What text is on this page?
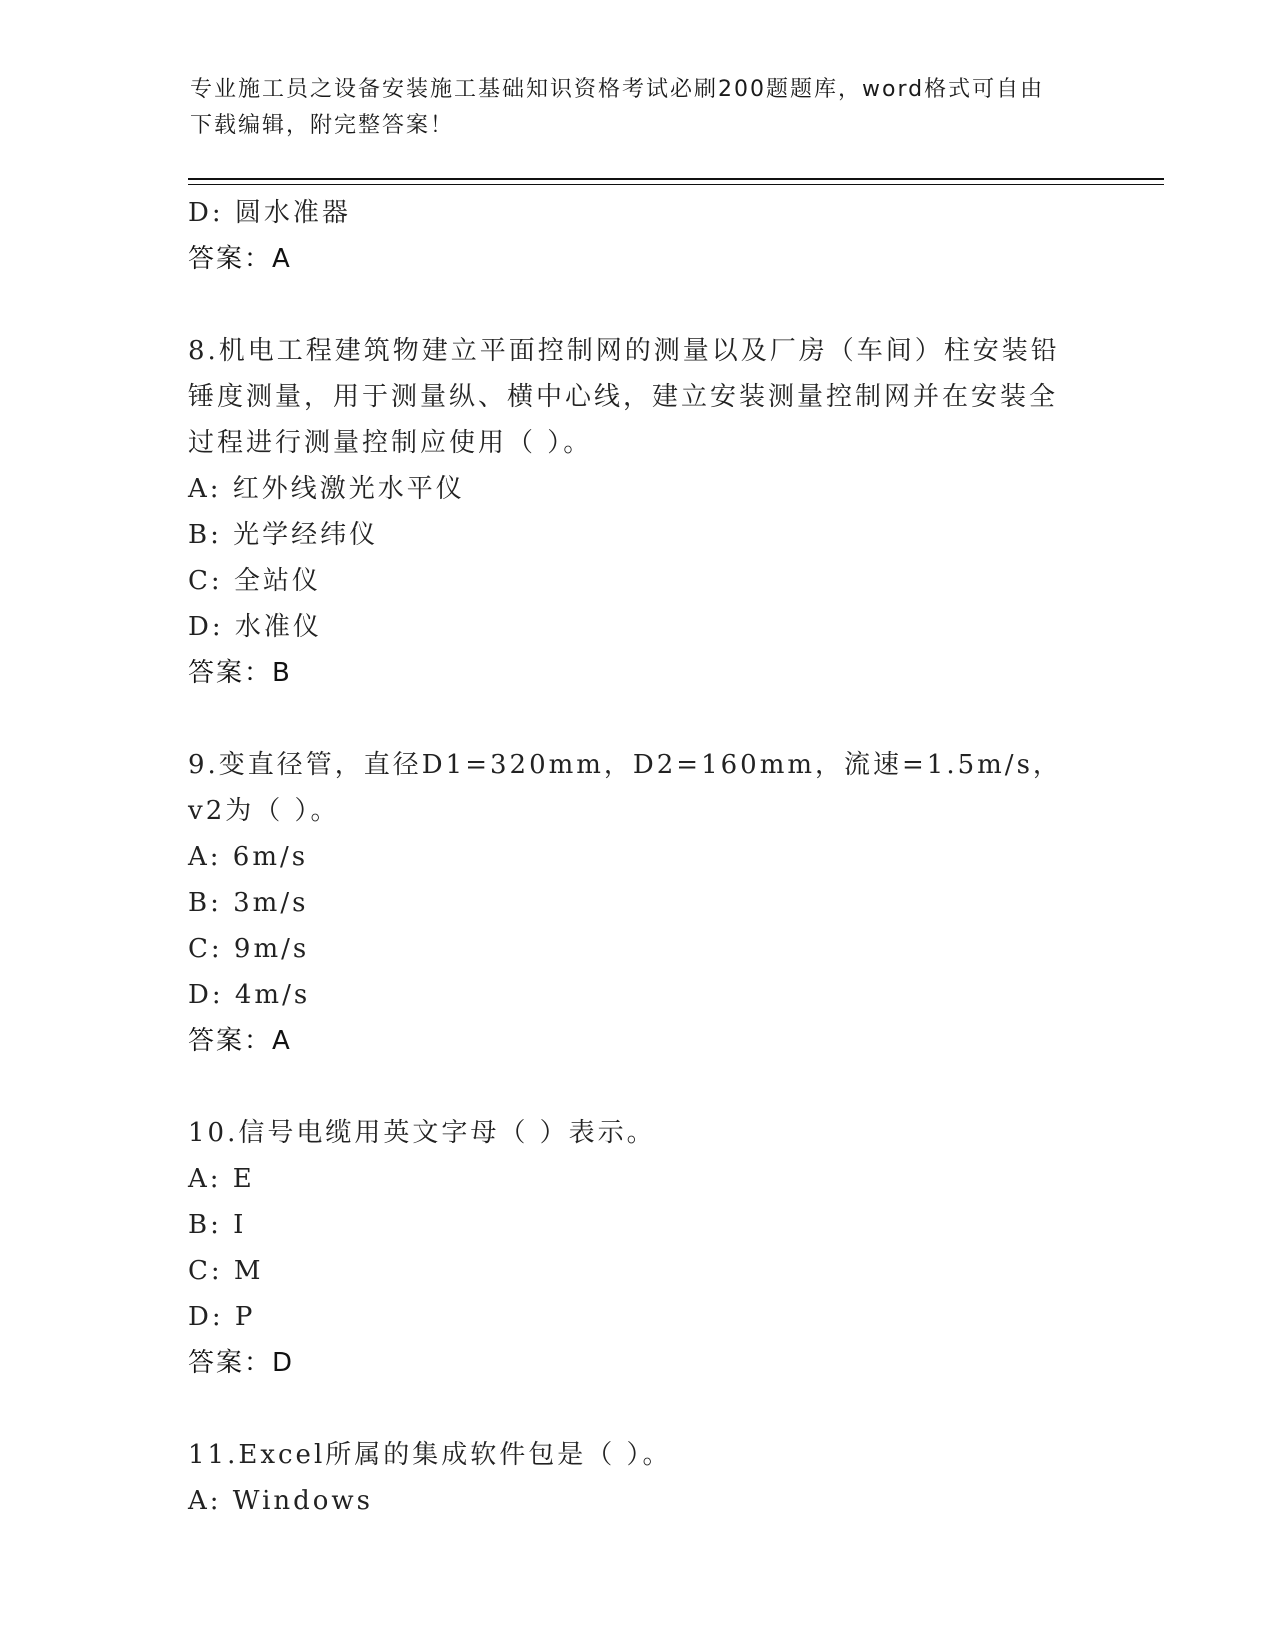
专业施工员之设备安装施工基础知识资格考试必刷200题题库，word格式可自由
下载编辑，附完整答案！
D: 圆水准器
答案：A
8.机电工程建筑物建立平面控制网的测量以及厂房（车间）柱安装铅
锤度测量，用于测量纵、横中心线，建立安装测量控制网并在安装全
过程进行测量控制应使用（ ）。
A: 红外线激光水平仪
B: 光学经纬仪
C: 全站仪
D: 水准仪
答案：B
9.变直径管，直径D1=320mm，D2=160mm，流速=1.5m/s，v2为（ ）。
A: 6m/s
B: 3m/s
C: 9m/s
D: 4m/s
答案：A
10.信号电缆用英文字母（ ）表示。
A: E
B: I
C: M
D: P
答案：D
11.Excel所属的集成软件包是（ ）。
A: Windows
